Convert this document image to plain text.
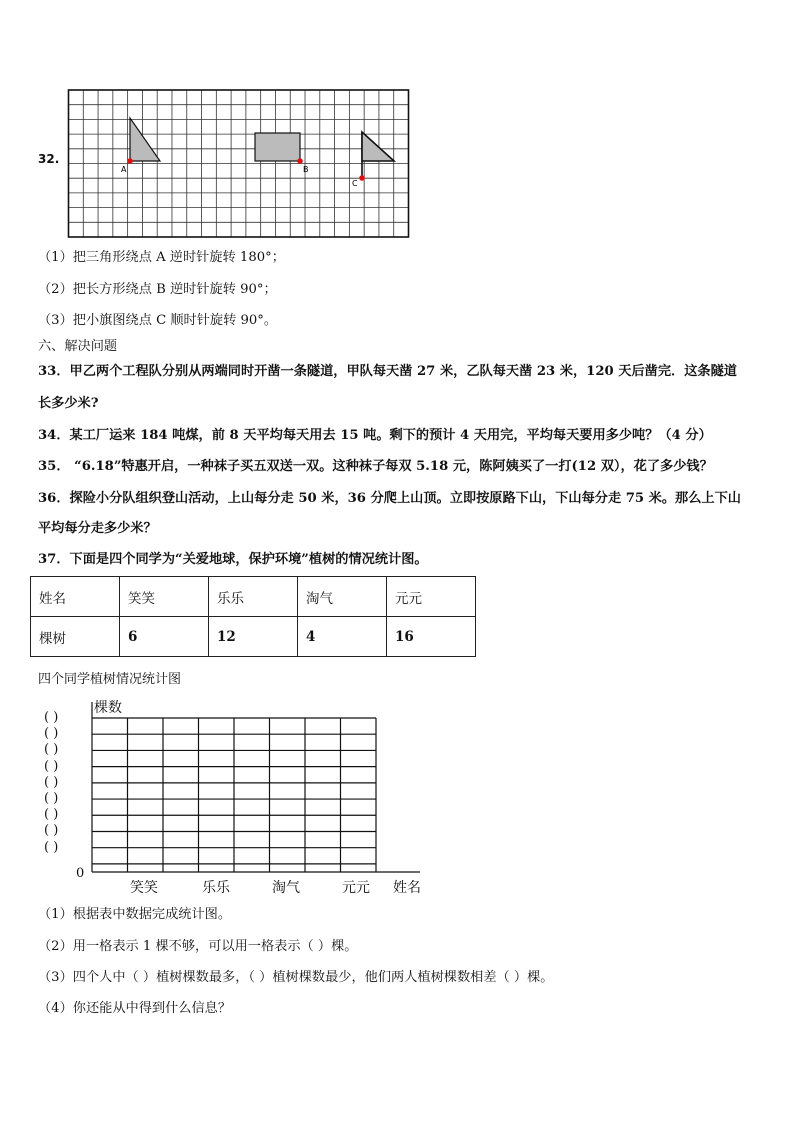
32.
A	B
C
（1）把三角形绕点 A 逆时针旋转 180°；
（2）把长方形绕点 B 逆时针旋转 90°；
（3）把小旗图绕点 C 顺时针旋转 90°。
六、解决问题
33．甲乙两个工程队分别从两端同时开凿一条隧道，甲队每天凿 27 米，乙队每天凿 23 米，120 天后凿完．这条隧道
长多少米?
34．某工厂运来 184 吨煤，前 8 天平均每天用去 15 吨。剩下的预计 4 天用完，平均每天要用多少吨？（4 分）
35． “6.18”特惠开启，一种袜子买五双送一双。这种袜子每双 5.18 元，陈阿姨买了一打(12 双），花了多少钱？
36．探险小分队组织登山活动，上山每分走 50 米，36 分爬上山顶。立即按原路下山，下山每分走 75 米。那么上下山
平均每分走多少米？
37．下面是四个同学为“关爱地球，保护环境”植树的情况统计图。
姓名	笑笑	乐乐	淘气	元元
棵树	6	12	4	16
四个同学植树情况统计图
棵数
0
( )
( )
( )
( )
( )
( )
( )
( )
( )
笑笑	乐乐	淘气	元元 姓名
（1）根据表中数据完成统计图。
（2）用一格表示 1 棵不够，可以用一格表示（ ）棵。
（3）四个人中（ ）植树棵数最多，（ ）植树棵数最少，他们两人植树棵数相差（ ）棵。
（4）你还能从中得到什么信息？
